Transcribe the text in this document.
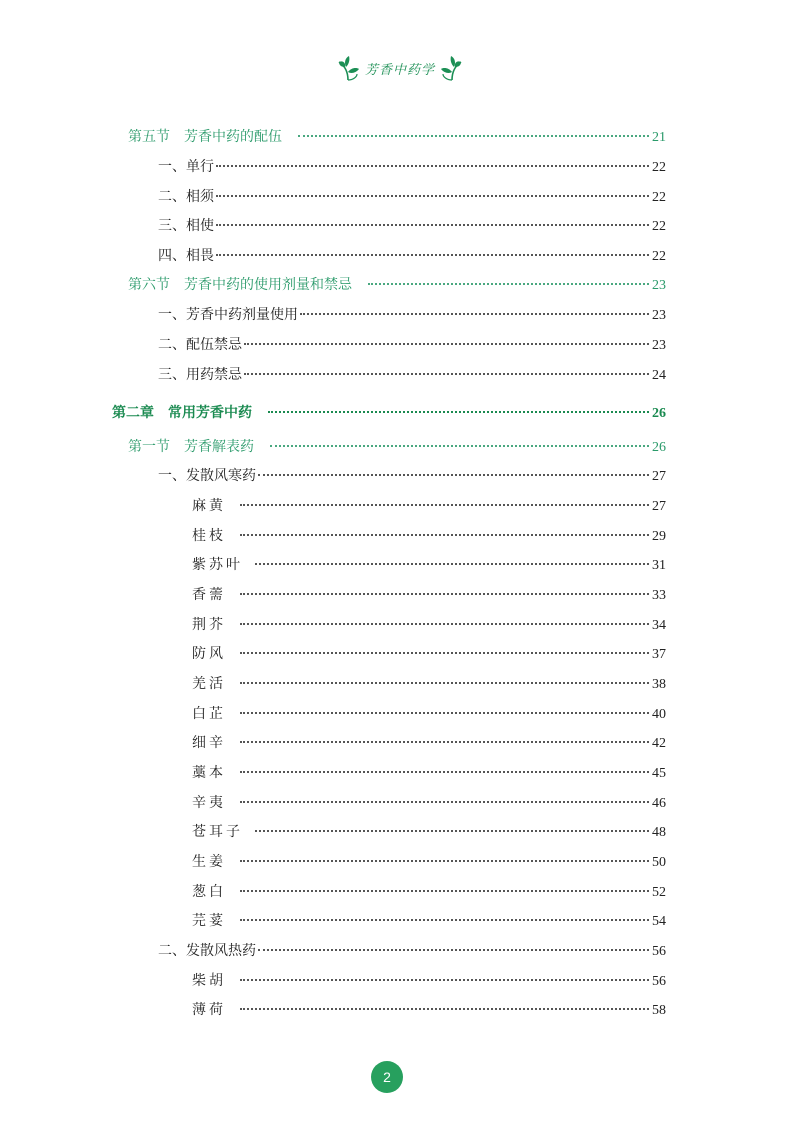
芳香中药学
第五节　芳香中药的配伍	21
一、单行	22
二、相须	22
三、相使	22
四、相畏	22
第六节　芳香中药的使用剂量和禁忌	23
一、芳香中药剂量使用	23
二、配伍禁忌	23
三、用药禁忌	24
第二章　常用芳香中药	26
第一节　芳香解表药	26
一、发散风寒药	27
麻黄	27
桂枝	29
紫苏叶	31
香薷	33
荆芥	34
防风	37
羌活	38
白芷	40
细辛	42
藁本	45
辛夷	46
苍耳子	48
生姜	50
葱白	52
芫荽	54
二、发散风热药	56
柴胡	56
薄荷	58
2
